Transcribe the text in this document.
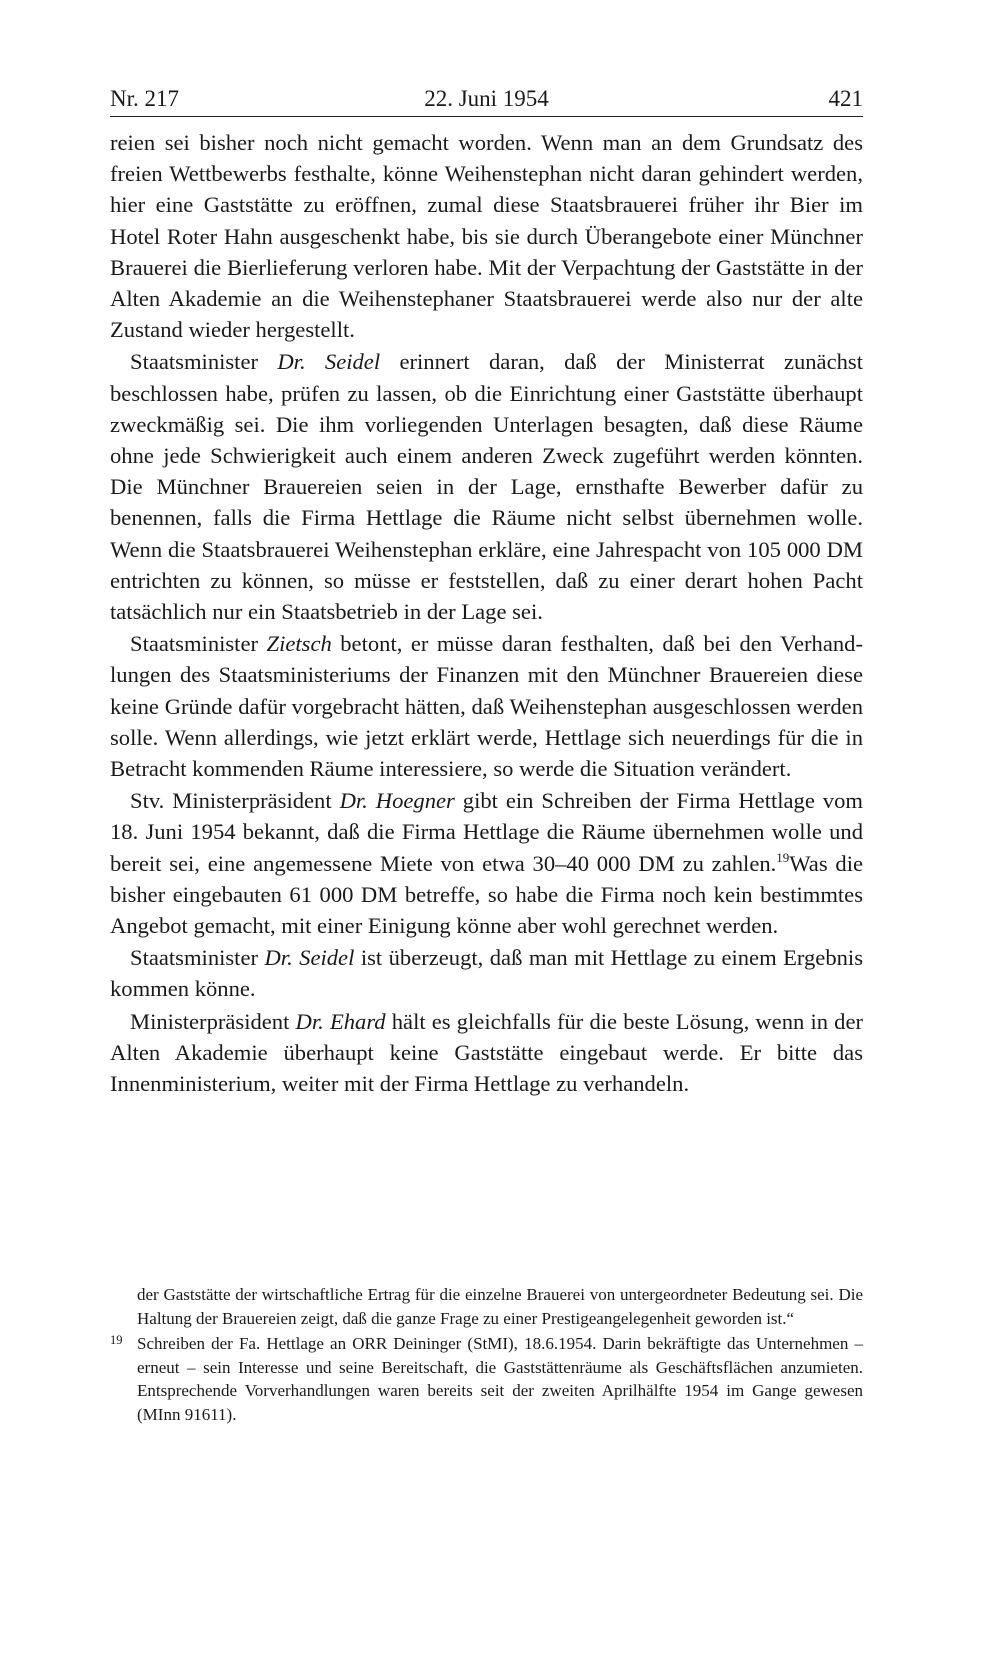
Nr. 217	22. Juni 1954	421

reien sei bisher noch nicht gemacht worden. Wenn man an dem Grundsatz des freien Wettbewerbs festhalte, könne Weihenstephan nicht daran gehindert werden, hier eine Gaststätte zu eröffnen, zumal diese Staatsbrauerei früher ihr Bier im Hotel Roter Hahn ausgeschenkt habe, bis sie durch Überangebote einer Münchner Brauerei die Bierlieferung verloren habe. Mit der Verpachtung der Gaststätte in der Alten Akademie an die Weihenstephaner Staatsbrauerei werde also nur der alte Zustand wieder hergestellt.

Staatsminister Dr. Seidel erinnert daran, daß der Ministerrat zunächst beschlossen habe, prüfen zu lassen, ob die Einrichtung einer Gaststätte überhaupt zweckmäßig sei. Die ihm vorliegenden Unterlagen besagten, daß diese Räume ohne jede Schwierigkeit auch einem anderen Zweck zugeführt werden könnten. Die Münchner Brauereien seien in der Lage, ernsthafte Bewerber dafür zu benennen, falls die Firma Hettlage die Räume nicht selbst übernehmen wolle. Wenn die Staatsbrauerei Weihenstephan erkläre, eine Jahrespacht von 105 000 DM entrichten zu können, so müsse er feststellen, daß zu einer derart hohen Pacht tatsächlich nur ein Staatsbetrieb in der Lage sei.

Staatsminister Zietsch betont, er müsse daran festhalten, daß bei den Verhandlungen des Staatsministeriums der Finanzen mit den Münchner Brauereien diese keine Gründe dafür vorgebracht hätten, daß Weihenstephan ausgeschlossen werden solle. Wenn allerdings, wie jetzt erklärt werde, Hettlage sich neuerdings für die in Betracht kommenden Räume interessiere, so werde die Situation verändert.

Stv. Ministerpräsident Dr. Hoegner gibt ein Schreiben der Firma Hettlage vom 18. Juni 1954 bekannt, daß die Firma Hettlage die Räume übernehmen wolle und bereit sei, eine angemessene Miete von etwa 30–40 000 DM zu zahlen.$^{19}$Was die bisher eingebauten 61 000 DM betreffe, so habe die Firma noch kein bestimmtes Angebot gemacht, mit einer Einigung könne aber wohl gerechnet werden.

Staatsminister Dr. Seidel ist überzeugt, daß man mit Hettlage zu einem Ergebnis kommen könne.

Ministerpräsident Dr. Ehard hält es gleichfalls für die beste Lösung, wenn in der Alten Akademie überhaupt keine Gaststätte eingebaut werde. Er bitte das Innenministerium, weiter mit der Firma Hettlage zu verhandeln.

der Gaststätte der wirtschaftliche Ertrag für die einzelne Brauerei von untergeordneter Bedeutung sei. Die Haltung der Brauereien zeigt, daß die ganze Frage zu einer Prestigeangelegenheit geworden ist.“

19 Schreiben der Fa. Hettlage an ORR Deininger (StMI), 18.6.1954. Darin bekräftigte das Unternehmen – erneut – sein Interesse und seine Bereitschaft, die Gaststättenräume als Geschäftsflächen anzumieten. Entsprechende Vorverhandlungen waren bereits seit der zweiten Aprilhälfte 1954 im Gange gewesen (MInn 91611).
